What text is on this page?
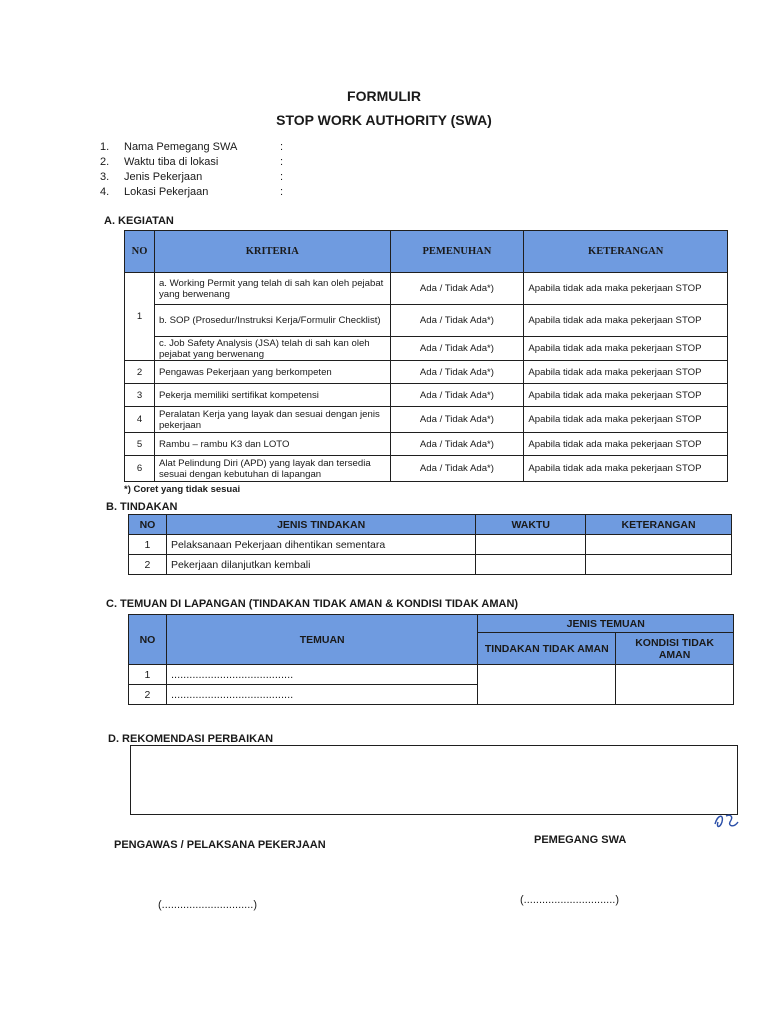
FORMULIR
STOP WORK AUTHORITY (SWA)
1. Nama Pemegang SWA	:
2. Waktu tiba di lokasi	:
3. Jenis Pekerjaan	:
4. Lokasi Pekerjaan	:
A. KEGIATAN
NO	KRITERIA	PEMENUHAN	KETERANGAN
1	a. Working Permit yang telah di sah kan oleh pejabat yang berwenang	Ada / Tidak Ada*)	Apabila tidak ada maka pekerjaan STOP
	b. SOP (Prosedur/Instruksi Kerja/Formulir Checklist)	Ada / Tidak Ada*)	Apabila tidak ada maka pekerjaan STOP
	c. Job Safety Analysis (JSA) telah di sah kan oleh pejabat yang berwenang	Ada / Tidak Ada*)	Apabila tidak ada maka pekerjaan STOP
2	Pengawas Pekerjaan yang berkompeten	Ada / Tidak Ada*)	Apabila tidak ada maka pekerjaan STOP
3	Pekerja memiliki sertifikat kompetensi	Ada / Tidak Ada*)	Apabila tidak ada maka pekerjaan STOP
4	Peralatan Kerja yang layak dan sesuai dengan jenis pekerjaan	Ada / Tidak Ada*)	Apabila tidak ada maka pekerjaan STOP
5	Rambu – rambu K3 dan LOTO	Ada / Tidak Ada*)	Apabila tidak ada maka pekerjaan STOP
6	Alat Pelindung Diri (APD) yang layak dan tersedia sesuai dengan kebutuhan di lapangan	Ada / Tidak Ada*)	Apabila tidak ada maka pekerjaan STOP
*) Coret yang tidak sesuai
B. TINDAKAN
NO	JENIS TINDAKAN	WAKTU	KETERANGAN
1	Pelaksanaan Pekerjaan dihentikan sementara		
2	Pekerjaan dilanjutkan kembali		
C. TEMUAN DI LAPANGAN (TINDAKAN TIDAK AMAN & KONDISI TIDAK AMAN)
NO	TEMUAN	JENIS TEMUAN	
		TINDAKAN TIDAK AMAN	KONDISI TIDAK AMAN
1	........................................		
2	........................................		
D. REKOMENDASI PERBAIKAN
PENGAWAS / PELAKSANA PEKERJAAN	PEMEGANG SWA
(..............................)	(..............................)
